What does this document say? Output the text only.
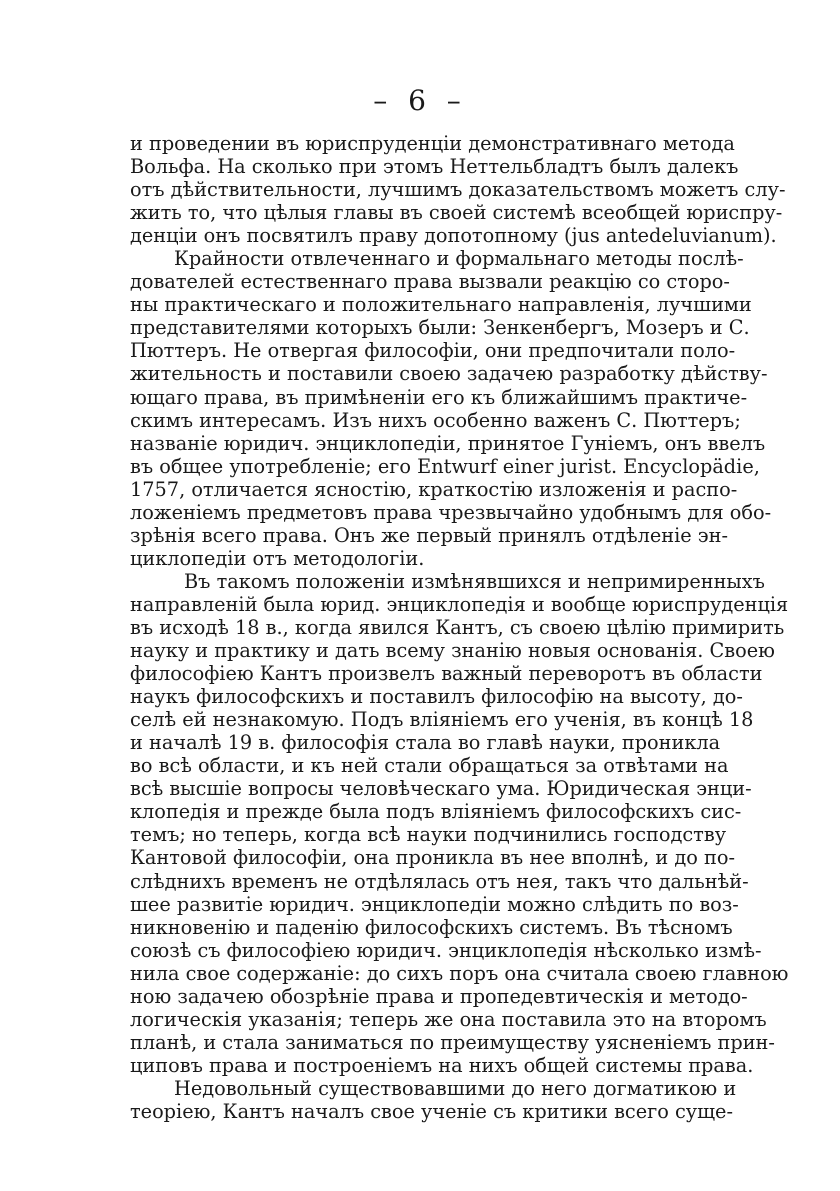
– 6 –
и проведении въ юриспруденціи демонстративнаго метода
Вольфа. На сколько при этомъ Неттельбладтъ былъ далекъ
отъ дѣйствительности, лучшимъ доказательствомъ можетъ слу-
жить то, что цѣлыя главы въ своей системѣ всеобщей юриспру-
денціи онъ посвятилъ праву допотопному (jus antedeluvianum).
Крайности отвлеченнаго и формальнаго методы послѣ-
дователей естественнаго права вызвали реакцію со сторо-
ны практическаго и положительнаго направленія, лучшими
представителями которыхъ были: Зенкенбергъ, Мозеръ и С.
Пюттеръ. Не отвергая философіи, они предпочитали поло-
жительность и поставили своею задачею разработку дѣйству-
ющаго права, въ примѣненіи его къ ближайшимъ практиче-
скимъ интересамъ. Изъ нихъ особенно важенъ С. Пюттеръ;
названіе юридич. энциклопедіи, принятое Гуніемъ, онъ ввелъ
въ общее употребленіе; его Entwurf einer jurist. Encyclopädie,
1757, отличается ясностію, краткостію изложенія и распо-
ложеніемъ предметовъ права чрезвычайно удобнымъ для обо-
зрѣнія всего права. Онъ же первый принялъ отдѣленіе эн-
циклопедіи отъ методологіи.
Въ такомъ положеніи измѣнявшихся и непримиренныхъ
направленій была юрид. энциклопедія и вообще юриспруденція
въ исходѣ 18 в., когда явился Кантъ, съ своею цѣлію примирить
науку и практику и дать всему знанію новыя основанія. Своею
философіею Кантъ произвелъ важный переворотъ въ области
наукъ философскихъ и поставилъ философію на высоту, до-
селѣ ей незнакомую. Подъ вліяніемъ его ученія, въ концѣ 18
и началѣ 19 в. философія стала во главѣ науки, проникла
во всѣ области, и къ ней стали обращаться за отвѣтами на
всѣ высшіе вопросы человѣческаго ума. Юридическая энци-
клопедія и прежде была подъ вліяніемъ философскихъ сис-
темъ; но теперь, когда всѣ науки подчинились господству
Кантовой философіи, она проникла въ нее вполнѣ, и до по-
слѣднихъ временъ не отдѣлялась отъ нея, такъ что дальнѣй-
шее развитіе юридич. энциклопедіи можно слѣдить по воз-
никновенію и паденію философскихъ системъ. Въ тѣсномъ
союзѣ съ философіею юридич. энциклопедія нѣсколько измѣ-
нила свое содержаніе: до сихъ поръ она считала своею главною
ною задачею обозрѣніе права и пропедевтическія и методо-
логическія указанія; теперь же она поставила это на второмъ
планѣ, и стала заниматься по преимуществу уясненіемъ прин-
циповъ права и построеніемъ на нихъ общей системы права.
Недовольный существовавшими до него догматикою и
теоріею, Кантъ началъ свое ученіе съ критики всего суще-
